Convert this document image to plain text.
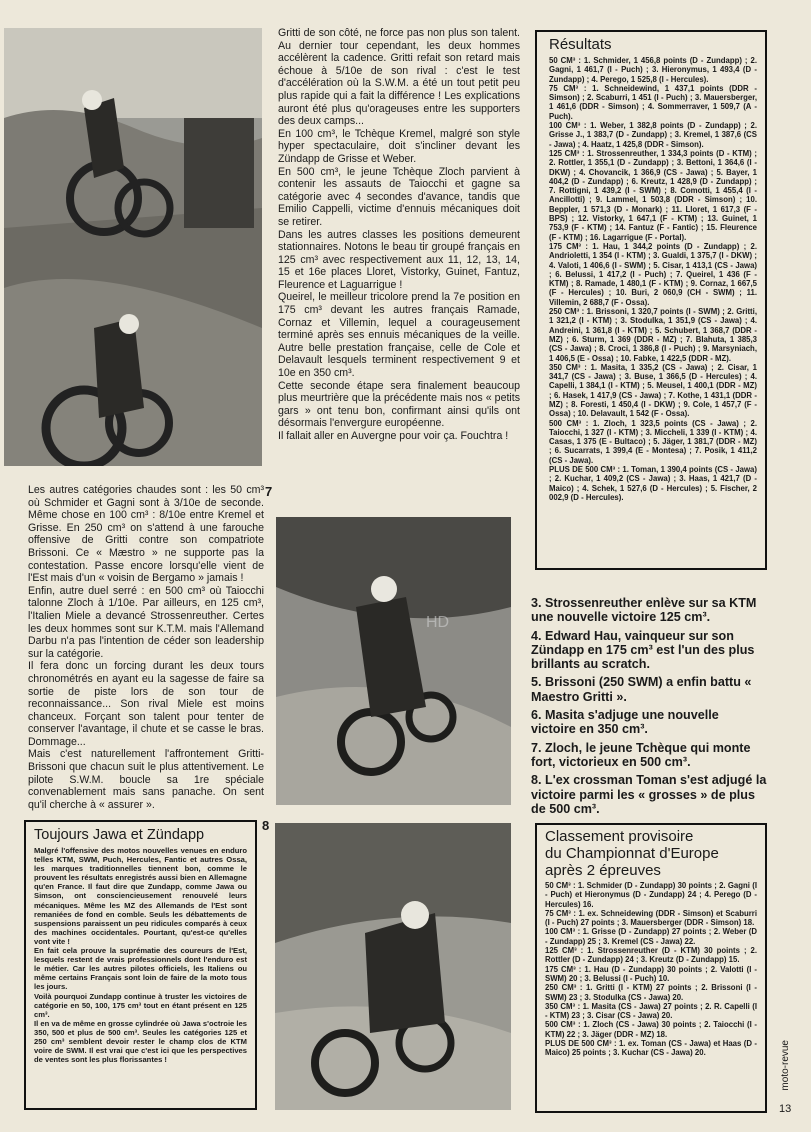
HD

Gritti de son côté, ne force pas non plus son talent. Au dernier tour cependant, les deux hommes accélèrent la cadence. Gritti refait son retard mais échoue à 5/10e de son rival : c'est le test d'accélération où la S.W.M. a été un tout petit peu plus rapide qui a fait la différence ! Les explications auront été plus qu'orageuses entre les supporters des deux camps...

En 100 cm³, le Tchèque Kremel, malgré son style hyper spectaculaire, doit s'incliner devant les Zündapp de Grisse et Weber.

En 500 cm³, le jeune Tchèque Zloch parvient à contenir les assauts de Taiocchi et gagne sa catégorie avec 4 secondes d'avance, tandis que Emilio Cappelli, victime d'ennuis mécaniques doit se retirer.

Dans les autres classes les positions demeurent stationnaires. Notons le beau tir groupé français en 125 cm³ avec respectivement aux 11, 12, 13, 14, 15 et 16e places Lloret, Vistorky, Guinet, Fantuz, Fleurence et Laguarrigue !

Queirel, le meilleur tricolore prend la 7e position en 175 cm³ devant les autres français Ramade, Cornaz et Villemin, lequel a courageusement terminé après ses ennuis mécaniques de la veille. Autre belle prestation française, celle de Cole et Delavault lesquels terminent respectivement 9 et 10e en 350 cm³.

Cette seconde étape sera finalement beaucoup plus meurtrière que la précédente mais nos « petits gars » ont tenu bon, confirmant ainsi qu'ils ont désormais l'envergure européenne.

Il fallait aller en Auvergne pour voir ça. Fouchtra !

Les autres catégories chaudes sont : les 50 cm³ où Schmider et Gagni sont à 3/10e de seconde. Même chose en 100 cm³ : 8/10e entre Kremel et Grisse. En 250 cm³ on s'attend à une farouche offensive de Gritti contre son compatriote Brissoni. Ce « Mæstro » ne supporte pas la contestation. Passe encore lorsqu'elle vient de l'Est mais d'un « voisin de Bergamo » jamais !

Enfin, autre duel serré : en 500 cm³ où Taiocchi talonne Zloch à 1/10e. Par ailleurs, en 125 cm³, l'Italien Miele a devancé Strossenreuther. Certes les deux hommes sont sur K.T.M. mais l'Allemand Darbu n'a pas l'intention de céder son leadership sur la catégorie.

Il fera donc un forcing durant les deux tours chronométrés en ayant eu la sagesse de faire sa sortie de piste lors de son tour de reconnaissance... Son rival Miele est moins chanceux. Forçant son talent pour tenter de conserver l'avantage, il chute et se casse le bras. Dommage...

Mais c'est naturellement l'affrontement Gritti-Brissoni que chacun suit le plus attentivement. Le pilote S.W.M. boucle sa 1re spéciale convenablement mais sans panache. On sent qu'il cherche à « assurer ».

7
8
Résultats

50 CM³ : 1. Schmider, 1 456,8 points (D - Zundapp) ; 2. Gagni, 1 461,7 (I - Puch) ; 3. Hieronymus, 1 493,4 (D - Zundapp) ; 4. Perego, 1 525,8 (I - Hercules).

75 CM³ : 1. Schneidewind, 1 437,1 points (DDR - Simson) ; 2. Scaburri, 1 451 (I - Puch) ; 3. Mauersberger, 1 461,6 (DDR - Simson) ; 4. Sommerraver, 1 509,7 (A - Puch).

100 CM³ : 1. Weber, 1 382,8 points (D - Zundapp) ; 2. Grisse J., 1 383,7 (D - Zundapp) ; 3. Kremel, 1 387,6 (CS - Jawa) ; 4. Haatz, 1 425,8 (DDR - Simson).

125 CM³ : 1. Strossenreuther, 1 334,3 points (D - KTM) ; 2. Rottler, 1 355,1 (D - Zundapp) ; 3. Bettoni, 1 364,6 (I - DKW) ; 4. Chovancik, 1 366,9 (CS - Jawa) ; 5. Bayer, 1 404,2 (D - Zundapp) ; 6. Kreutz, 1 428,9 (D - Zundapp) ; 7. Rottigni, 1 439,2 (I - SWM) ; 8. Comotti, 1 455,4 (I - Ancillotti) ; 9. Lammel, 1 503,8 (DDR - Simson) ; 10. Beppler, 1 571,3 (D - Monark) ; 11. Lloret, 1 617,3 (F - BPS) ; 12. Vistorky, 1 647,1 (F - KTM) ; 13. Guinet, 1 753,9 (F - KTM) ; 14. Fantuz (F - Fantic) ; 15. Fleurence (F - KTM) ; 16. Lagarrigue (F - Portal).

175 CM³ : 1. Hau, 1 344,2 points (D - Zundapp) ; 2. Andrioletti, 1 354 (I - KTM) ; 3. Gualdi, 1 375,7 (I - DKW) ; 4. Valoti, 1 406,6 (I - SWM) ; 5. Cisar, 1 413,1 (CS - Jawa) ; 6. Belussi, 1 417,2 (I - Puch) ; 7. Queirel, 1 436 (F - KTM) ; 8. Ramade, 1 480,1 (F - KTM) ; 9. Cornaz, 1 667,5 (F - Hercules) ; 10. Buri, 2 060,9 (CH - SWM) ; 11. Villemin, 2 688,7 (F - Ossa).

250 CM³ : 1. Brissoni, 1 320,7 points (I - SWM) ; 2. Gritti, 1 321,2 (I - KTM) ; 3. Stodulka, 1 351,9 (CS - Jawa) ; 4. Andreini, 1 361,8 (I - KTM) ; 5. Schubert, 1 368,7 (DDR - MZ) ; 6. Sturm, 1 369 (DDR - MZ) ; 7. Blahuta, 1 385,3 (CS - Jawa) ; 8. Croci, 1 386,8 (I - Puch) ; 9. Marsyniach, 1 406,5 (E - Ossa) ; 10. Fabke, 1 422,5 (DDR - MZ).

350 CM³ : 1. Masita, 1 335,2 (CS - Jawa) ; 2. Cisar, 1 341,7 (CS - Jawa) ; 3. Buse, 1 366,5 (D - Hercules) ; 4. Capelli, 1 384,1 (I - KTM) ; 5. Meusel, 1 400,1 (DDR - MZ) ; 6. Hasek, 1 417,9 (CS - Jawa) ; 7. Kothe, 1 431,1 (DDR - MZ) ; 8. Foresti, 1 450,4 (I - DKW) ; 9. Cole, 1 457,7 (F - Ossa) ; 10. Delavault, 1 542 (F - Ossa).

500 CM³ : 1. Zloch, 1 323,5 points (CS - Jawa) ; 2. Taiocchi, 1 327 (I - KTM) ; 3. Miccheli, 1 339 (I - KTM) ; 4. Casas, 1 375 (E - Bultaco) ; 5. Jäger, 1 381,7 (DDR - MZ) ; 6. Sucarrats, 1 399,4 (E - Montesa) ; 7. Posik, 1 411,2 (CS - Jawa).

PLUS DE 500 CM³ : 1. Toman, 1 390,4 points (CS - Jawa) ; 2. Kuchar, 1 409,2 (CS - Jawa) ; 3. Haas, 1 421,7 (D - Maico) ; 4. Schek, 1 527,6 (D - Hercules) ; 5. Fischer, 2 002,9 (D - Hercules).

3. Strossenreuther enlève sur sa KTM une nouvelle victoire 125 cm³.

4. Edward Hau, vainqueur sur son Zündapp en 175 cm³ est l'un des plus brillants au scratch.

5. Brissoni (250 SWM) a enfin battu « Maestro Gritti ».

6. Masita s'adjuge une nouvelle victoire en 350 cm³.

7. Zloch, le jeune Tchèque qui monte fort, victorieux en 500 cm³.

8. L'ex crossman Toman s'est adjugé la victoire parmi les « grosses » de plus de 500 cm³.

Toujours Jawa et Zündapp

Malgré l'offensive des motos nouvelles venues en enduro telles KTM, SWM, Puch, Hercules, Fantic et autres Ossa, les marques traditionnelles tiennent bon, comme le prouvent les résultats enregistrés aussi bien en Allemagne qu'en France. Il faut dire que Zundapp, comme Jawa ou Simson, ont consciencieusement renouvelé leurs mécaniques. Même les MZ des Allemands de l'Est sont remaniées de fond en comble. Seuls les débattements de suspensions paraissent un peu ridicules comparés à ceux des machines occidentales. Pourtant, qu'est-ce qu'elles vont vite !

En fait cela prouve la suprématie des coureurs de l'Est, lesquels restent de vrais professionnels dont l'enduro est le métier. Car les autres pilotes officiels, les Italiens ou même certains Français sont loin de faire de la moto tous les jours.

Voilà pourquoi Zundapp continue à truster les victoires de catégorie en 50, 100, 175 cm³ tout en étant présent en 125 cm³.

Il en va de même en grosse cylindrée où Jawa s'octroie les 350, 500 et plus de 500 cm³. Seules les catégories 125 et 250 cm³ semblent devoir rester le champ clos de KTM voire de SWM. Il est vrai que c'est ici que les perspectives de ventes sont les plus florissantes !

Classement provisoire
du Championnat d'Europe
après 2 épreuves

50 CM³ : 1. Schmider (D - Zundapp) 30 points ; 2. Gagni (I - Puch) et Hieronymus (D - Zundapp) 24 ; 4. Perego (D - Hercules) 16.

75 CM³ : 1. ex. Schneidewing (DDR - Simson) et Scaburri (I - Puch) 27 points ; 3. Mauersberger (DDR - Simson) 18.

100 CM³ : 1. Grisse (D - Zundapp) 27 points ; 2. Weber (D - Zundapp) 25 ; 3. Kremel (CS - Jawa) 22.

125 CM³ : 1. Strossenreuther (D - KTM) 30 points ; 2. Rottler (D - Zundapp) 24 ; 3. Kreutz (D - Zundapp) 15.

175 CM³ : 1. Hau (D - Zundapp) 30 points ; 2. Valotti (I - SWM) 20 ; 3. Belussi (I - Puch) 10.

250 CM³ : 1. Gritti (I - KTM) 27 points ; 2. Brissoni (I - SWM) 23 ; 3. Stodulka (CS - Jawa) 20.

350 CM³ : 1. Masita (CS - Jawa) 27 points ; 2. R. Capelli (I - KTM) 23 ; 3. Cisar (CS - Jawa) 20.

500 CM³ : 1. Zloch (CS - Jawa) 30 points ; 2. Taiocchi (I - KTM) 22 ; 3. Jäger (DDR - MZ) 18.

PLUS DE 500 CM³ : 1. ex. Toman (CS - Jawa) et Haas (D - Maico) 25 points ; 3. Kuchar (CS - Jawa) 20.	moto-revue
13
